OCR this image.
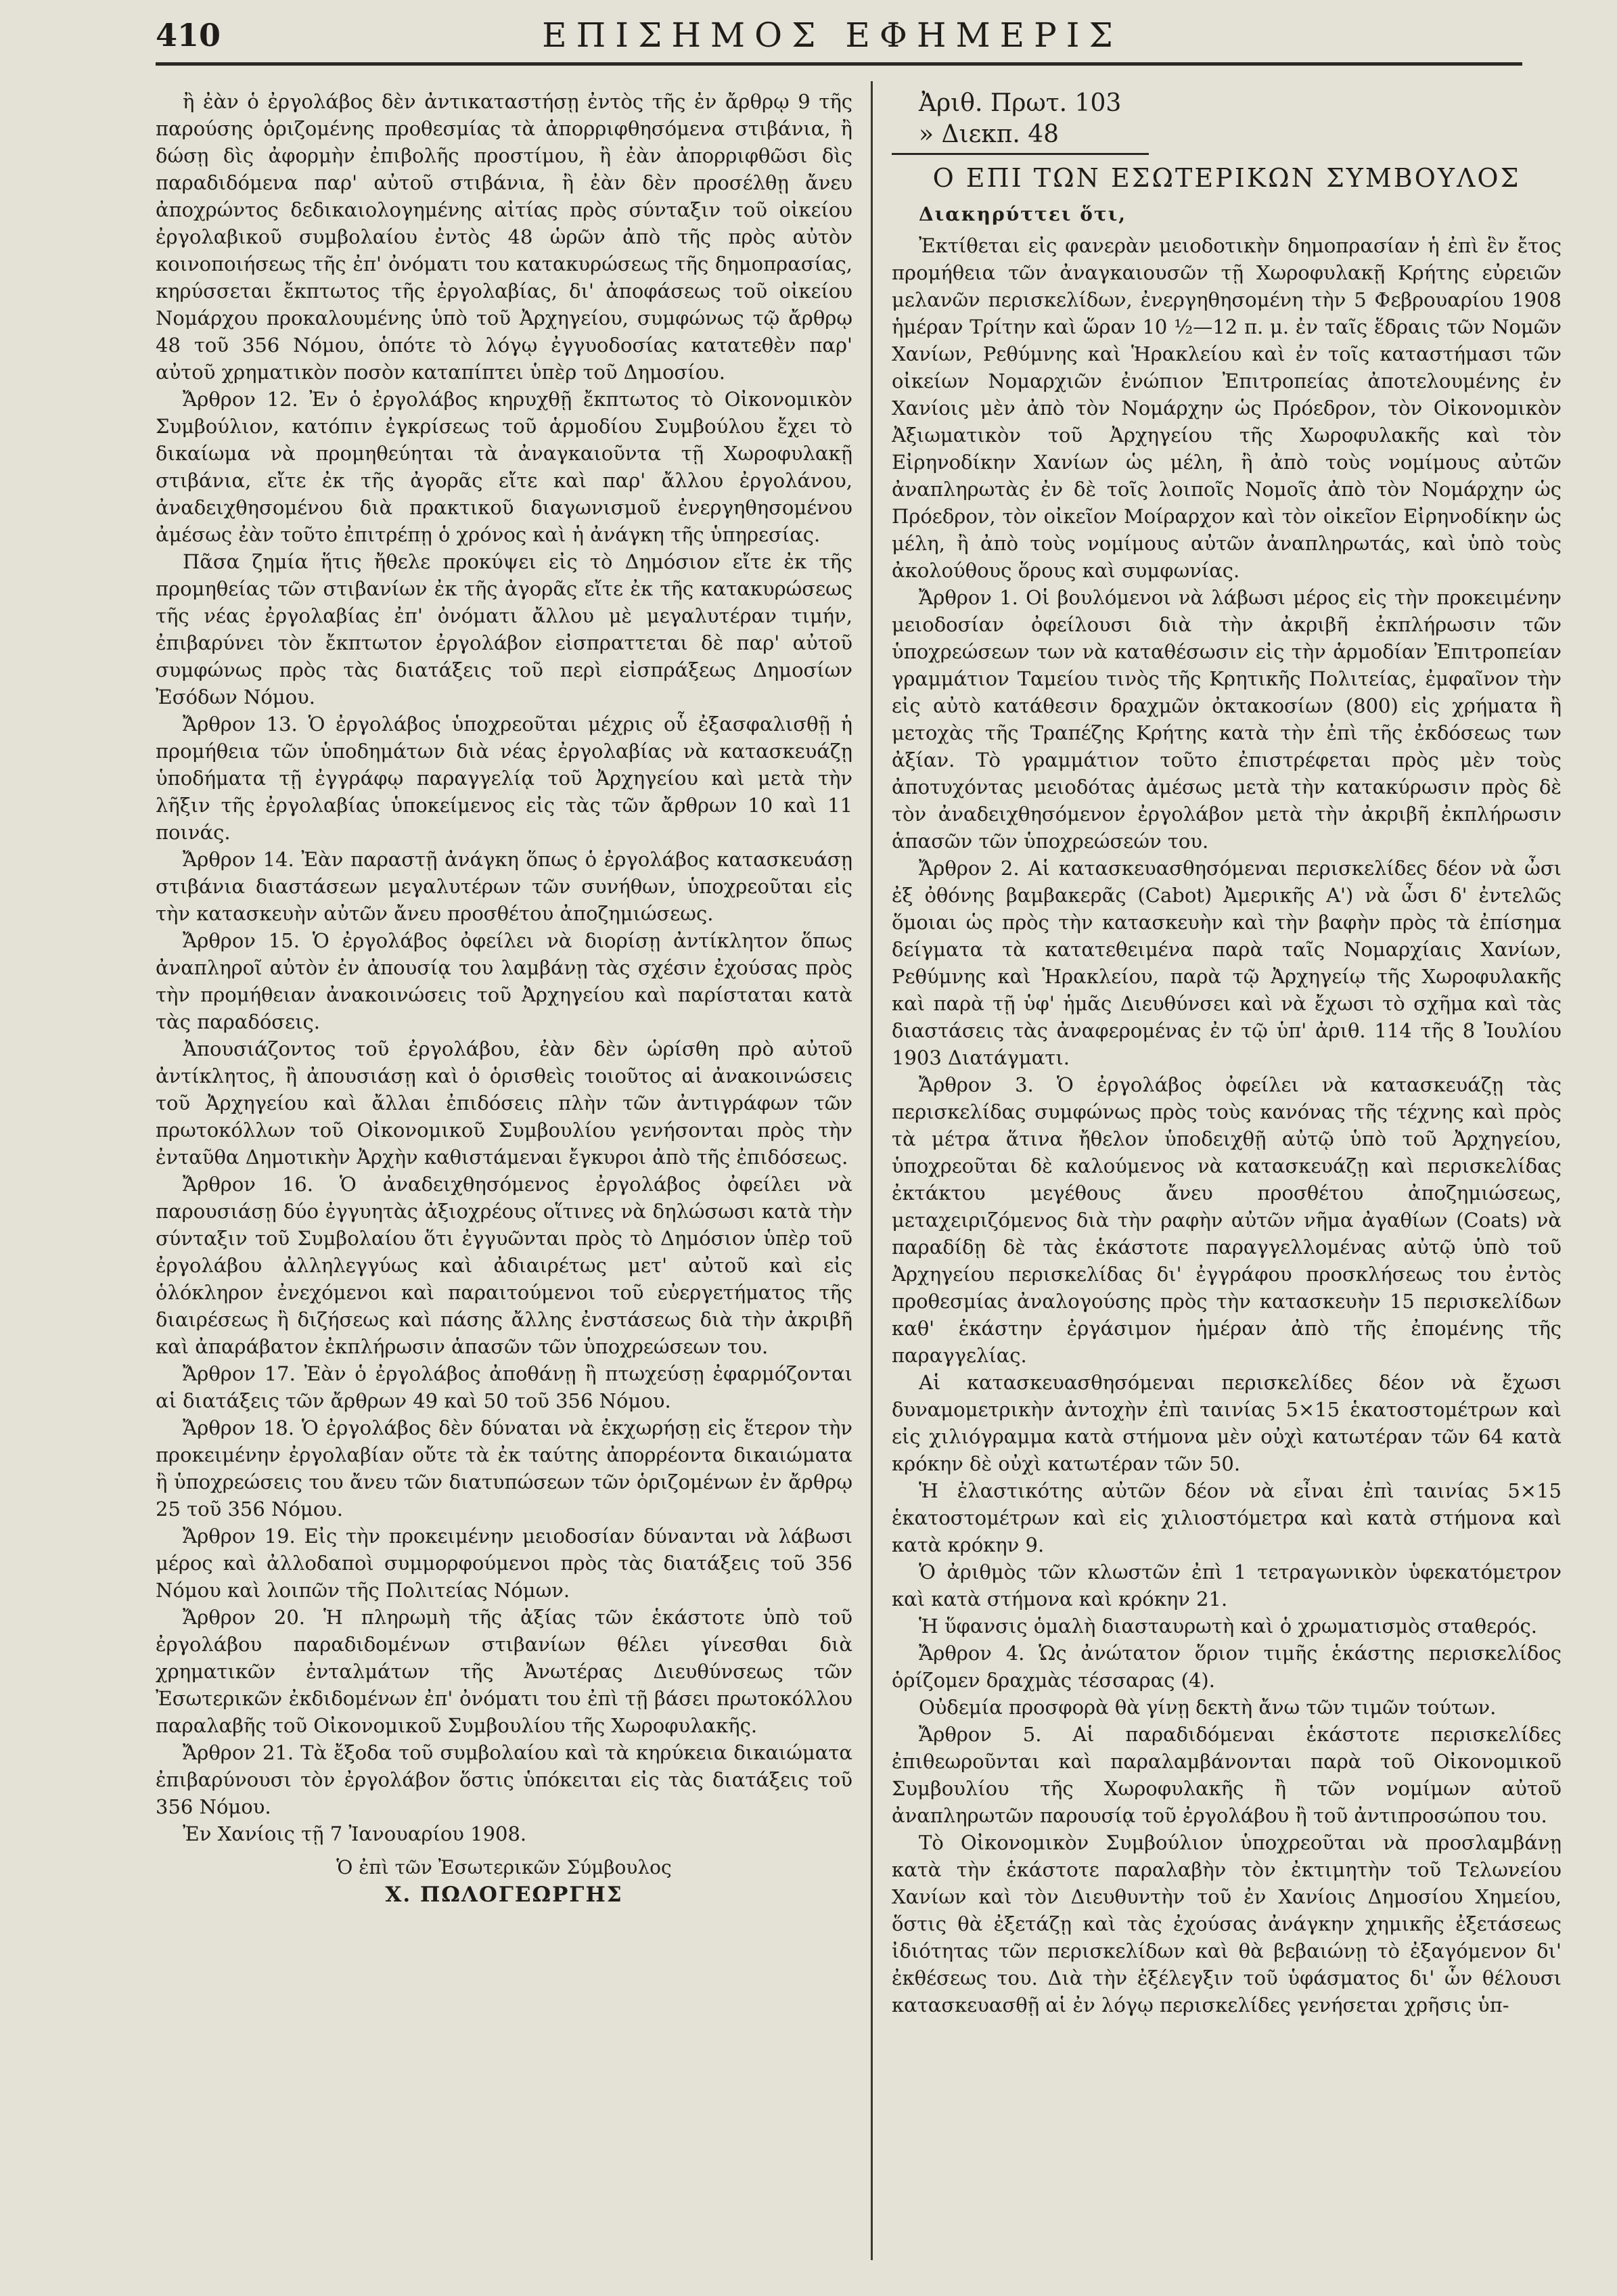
410	ΕΠΙΣΗΜΟΣ ΕΦΗΜΕΡΙΣ

ἢ ἐὰν ὁ ἐργολάβος δὲν ἀντικαταστήσῃ ἐντὸς τῆς ἐν ἄρθρῳ 9 τῆς παρούσης ὁριζομένης προθεσμίας τὰ ἀπορριφθησόμενα στιβάνια, ἢ δώσῃ δὶς ἀφορμὴν ἐπιβολῆς προστίμου, ἢ ἐὰν ἀπορριφθῶσι δὶς παραδιδόμενα παρ' αὐτοῦ στιβάνια, ἢ ἐὰν δὲν προσέλθῃ ἄνευ ἀποχρώντος δεδικαιολογημένης αἰτίας πρὸς σύνταξιν τοῦ οἰκείου ἐργολαβικοῦ συμβολαίου ἐντὸς 48 ὡρῶν ἀπὸ τῆς πρὸς αὐτὸν κοινοποιήσεως τῆς ἐπ' ὀνόματι του κατακυρώσεως τῆς δημοπρασίας, κηρύσσεται ἔκπτωτος τῆς ἐργολαβίας, δι' ἀποφάσεως τοῦ οἰκείου Νομάρχου προκαλουμένης ὑπὸ τοῦ Ἀρχηγείου, συμφώνως τῷ ἄρθρῳ 48 τοῦ 356 Νόμου, ὁπότε τὸ λόγῳ ἐγγυοδοσίας κατατεθὲν παρ' αὐτοῦ χρηματικὸν ποσὸν καταπίπτει ὑπὲρ τοῦ Δημοσίου.

Ἄρθρον 12. Ἐν ὁ ἐργολάβος κηρυχθῇ ἔκπτωτος τὸ Οἰκονομικὸν Συμβούλιον, κατόπιν ἐγκρίσεως τοῦ ἁρμοδίου Συμβούλου ἔχει τὸ δικαίωμα νὰ προμηθεύηται τὰ ἀναγκαιοῦντα τῇ Χωροφυλακῇ στιβάνια, εἴτε ἐκ τῆς ἀγορᾶς εἴτε καὶ παρ' ἄλλου ἐργολάνου, ἀναδειχθησομένου διὰ πρακτικοῦ διαγωνισμοῦ ἐνεργηθησομένου ἀμέσως ἐὰν τοῦτο ἐπιτρέπῃ ὁ χρόνος καὶ ἡ ἀνάγκη τῆς ὑπηρεσίας.

Πᾶσα ζημία ἥτις ἤθελε προκύψει εἰς τὸ Δημόσιον εἴτε ἐκ τῆς προμηθείας τῶν στιβανίων ἐκ τῆς ἀγορᾶς εἴτε ἐκ τῆς κατακυρώσεως τῆς νέας ἐργολαβίας ἐπ' ὀνόματι ἄλλου μὲ μεγαλυτέραν τιμήν, ἐπιβαρύνει τὸν ἔκπτωτον ἐργολάβον εἰσπραττεται δὲ παρ' αὐτοῦ συμφώνως πρὸς τὰς διατάξεις τοῦ περὶ εἰσπράξεως Δημοσίων Ἐσόδων Νόμου.

Ἄρθρον 13. Ὁ ἐργολάβος ὑποχρεοῦται μέχρις οὗ ἐξασφαλισθῇ ἡ προμήθεια τῶν ὑποδημάτων διὰ νέας ἐργολαβίας νὰ κατασκευάζῃ ὑποδήματα τῇ ἐγγράφῳ παραγγελίᾳ τοῦ Ἀρχηγείου καὶ μετὰ τὴν λῆξιν τῆς ἐργολαβίας ὑποκείμενος εἰς τὰς τῶν ἄρθρων 10 καὶ 11 ποινάς.

Ἄρθρον 14. Ἐὰν παραστῇ ἀνάγκη ὅπως ὁ ἐργολάβος κατασκευάσῃ στιβάνια διαστάσεων μεγαλυτέρων τῶν συνήθων, ὑποχρεοῦται εἰς τὴν κατασκευὴν αὐτῶν ἄνευ προσθέτου ἀποζημιώσεως.

Ἄρθρον 15. Ὁ ἐργολάβος ὀφείλει νὰ διορίσῃ ἀντίκλητον ὅπως ἀναπληροῖ αὐτὸν ἐν ἀπουσίᾳ του λαμβάνῃ τὰς σχέσιν ἐχούσας πρὸς τὴν προμήθειαν ἀνακοινώσεις τοῦ Ἀρχηγείου καὶ παρίσταται κατὰ τὰς παραδόσεις.

Ἀπουσιάζοντος τοῦ ἐργολάβου, ἐὰν δὲν ὡρίσθη πρὸ αὐτοῦ ἀντίκλητος, ἢ ἀπουσιάσῃ καὶ ὁ ὁρισθεὶς τοιοῦτος αἱ ἀνακοινώσεις τοῦ Ἀρχηγείου καὶ ἄλλαι ἐπιδόσεις πλὴν τῶν ἀντιγράφων τῶν πρωτοκόλλων τοῦ Οἰκονομικοῦ Συμβουλίου γενήσονται πρὸς τὴν ἐνταῦθα Δημοτικὴν Ἀρχὴν καθιστάμεναι ἔγκυροι ἀπὸ τῆς ἐπιδόσεως.

Ἄρθρον 16. Ὁ ἀναδειχθησόμενος ἐργολάβος ὀφείλει νὰ παρουσιάσῃ δύο ἐγγυητὰς ἀξιοχρέους οἵτινες νὰ δηλώσωσι κατὰ τὴν σύνταξιν τοῦ Συμβολαίου ὅτι ἐγγυῶνται πρὸς τὸ Δημόσιον ὑπὲρ τοῦ ἐργολάβου ἀλληλεγγύως καὶ ἀδιαιρέτως μετ' αὐτοῦ καὶ εἰς ὁλόκληρον ἐνεχόμενοι καὶ παραιτούμενοι τοῦ εὐεργετήματος τῆς διαιρέσεως ἢ διζήσεως καὶ πάσης ἄλλης ἐνστάσεως διὰ τὴν ἀκριβῆ καὶ ἀπαράβατον ἐκπλήρωσιν ἁπασῶν τῶν ὑποχρεώσεων του.

Ἄρθρον 17. Ἐὰν ὁ ἐργολάβος ἀποθάνῃ ἢ πτωχεύσῃ ἐφαρμόζονται αἱ διατάξεις τῶν ἄρθρων 49 καὶ 50 τοῦ 356 Νόμου.

Ἄρθρον 18. Ὁ ἐργολάβος δὲν δύναται νὰ ἐκχωρήσῃ εἰς ἕτερον τὴν προκειμένην ἐργολαβίαν οὔτε τὰ ἐκ ταύτης ἀπορρέοντα δικαιώματα ἢ ὑποχρεώσεις του ἄνευ τῶν διατυπώσεων τῶν ὁριζομένων ἐν ἄρθρῳ 25 τοῦ 356 Νόμου.

Ἄρθρον 19. Εἰς τὴν προκειμένην μειοδοσίαν δύνανται νὰ λάβωσι μέρος καὶ ἀλλοδαποὶ συμμορφούμενοι πρὸς τὰς διατάξεις τοῦ 356 Νόμου καὶ λοιπῶν τῆς Πολιτείας Νόμων.

Ἄρθρον 20. Ἡ πληρωμὴ τῆς ἀξίας τῶν ἑκάστοτε ὑπὸ τοῦ ἐργολάβου παραδιδομένων στιβανίων θέλει γίνεσθαι διὰ χρηματικῶν ἐνταλμάτων τῆς Ἀνωτέρας Διευθύνσεως τῶν Ἐσωτερικῶν ἐκδιδομένων ἐπ' ὀνόματι του ἐπὶ τῇ βάσει πρωτοκόλλου παραλαβῆς τοῦ Οἰκονομικοῦ Συμβουλίου τῆς Χωροφυλακῆς.

Ἄρθρον 21. Τὰ ἔξοδα τοῦ συμβολαίου καὶ τὰ κηρύκεια δικαιώματα ἐπιβαρύνουσι τὸν ἐργολάβον ὅστις ὑπόκειται εἰς τὰς διατάξεις τοῦ 356 Νόμου.

Ἐν Χανίοις τῇ 7 Ἰανουαρίου 1908.

Ὁ ἐπὶ τῶν Ἐσωτερικῶν Σύμβουλος
Χ. ΠΩΛΟΓΕΩΡΓΗΣ
Ἀριθ. Πρωτ. 103
» Διεκπ. 48
Ο ΕΠΙ ΤΩΝ ΕΣΩΤΕΡΙΚΩΝ ΣΥΜΒΟΥΛΟΣ
Διακηρύττει ὅτι,

Ἐκτίθεται εἰς φανερὰν μειοδοτικὴν δημοπρασίαν ἡ ἐπὶ ἓν ἔτος προμήθεια τῶν ἀναγκαιουσῶν τῇ Χωροφυλακῇ Κρήτης εὐρειῶν μελανῶν περισκελίδων, ἐνεργηθησομένη τὴν 5 Φεβρουαρίου 1908 ἡμέραν Τρίτην καὶ ὥραν 10 ½—12 π. μ. ἐν ταῖς ἕδραις τῶν Νομῶν Χανίων, Ρεθύμνης καὶ Ἡρακλείου καὶ ἐν τοῖς καταστήμασι τῶν οἰκείων Νομαρχιῶν ἐνώπιον Ἐπιτροπείας ἀποτελουμένης ἐν Χανίοις μὲν ἀπὸ τὸν Νομάρχην ὡς Πρόεδρον, τὸν Οἰκονομικὸν Ἀξιωματικὸν τοῦ Ἀρχηγείου τῆς Χωροφυλακῆς καὶ τὸν Εἰρηνοδίκην Χανίων ὡς μέλη, ἢ ἀπὸ τοὺς νομίμους αὐτῶν ἀναπληρωτὰς ἐν δὲ τοῖς λοιποῖς Νομοῖς ἀπὸ τὸν Νομάρχην ὡς Πρόεδρον, τὸν οἰκεῖον Μοίραρχον καὶ τὸν οἰκεῖον Εἰρηνοδίκην ὡς μέλη, ἢ ἀπὸ τοὺς νομίμους αὐτῶν ἀναπληρωτάς, καὶ ὑπὸ τοὺς ἀκολούθους ὅρους καὶ συμφωνίας.

Ἄρθρον 1. Οἱ βουλόμενοι νὰ λάβωσι μέρος εἰς τὴν προκειμένην μειοδοσίαν ὀφείλουσι διὰ τὴν ἀκριβῆ ἐκπλήρωσιν τῶν ὑποχρεώσεων των νὰ καταθέσωσιν εἰς τὴν ἁρμοδίαν Ἐπιτροπείαν γραμμάτιον Ταμείου τινὸς τῆς Κρητικῆς Πολιτείας, ἐμφαῖνον τὴν εἰς αὐτὸ κατάθεσιν δραχμῶν ὀκτακοσίων (800) εἰς χρήματα ἢ μετοχὰς τῆς Τραπέζης Κρήτης κατὰ τὴν ἐπὶ τῆς ἐκδόσεως των ἀξίαν. Τὸ γραμμάτιον τοῦτο ἐπιστρέφεται πρὸς μὲν τοὺς ἀποτυχόντας μειοδότας ἀμέσως μετὰ τὴν κατακύρωσιν πρὸς δὲ τὸν ἀναδειχθησόμενον ἐργολάβον μετὰ τὴν ἀκριβῆ ἐκπλήρωσιν ἁπασῶν τῶν ὑποχρεώσεών του.

Ἄρθρον 2. Αἱ κατασκευασθησόμεναι περισκελίδες δέον νὰ ὦσι ἐξ ὀθόνης βαμβακερᾶς (Cabot) Ἀμερικῆς Α') νὰ ὦσι δ' ἐντελῶς ὅμοιαι ὡς πρὸς τὴν κατασκευὴν καὶ τὴν βαφὴν πρὸς τὰ ἐπίσημα δείγματα τὰ κατατεθειμένα παρὰ ταῖς Νομαρχίαις Χανίων, Ρεθύμνης καὶ Ἡρακλείου, παρὰ τῷ Ἀρχηγείῳ τῆς Χωροφυλακῆς καὶ παρὰ τῇ ὑφ' ἡμᾶς Διευθύνσει καὶ νὰ ἔχωσι τὸ σχῆμα καὶ τὰς διαστάσεις τὰς ἀναφερομένας ἐν τῷ ὑπ' ἀριθ. 114 τῆς 8 Ἰουλίου 1903 Διατάγματι.

Ἄρθρον 3. Ὁ ἐργολάβος ὀφείλει νὰ κατασκευάζῃ τὰς περισκελίδας συμφώνως πρὸς τοὺς κανόνας τῆς τέχνης καὶ πρὸς τὰ μέτρα ἅτινα ἤθελον ὑποδειχθῇ αὐτῷ ὑπὸ τοῦ Ἀρχηγείου, ὑποχρεοῦται δὲ καλούμενος νὰ κατασκευάζῃ καὶ περισκελίδας ἐκτάκτου μεγέθους ἄνευ προσθέτου ἀποζημιώσεως, μεταχειριζόμενος διὰ τὴν ραφὴν αὐτῶν νῆμα ἀγαθίων (Coats) νὰ παραδίδῃ δὲ τὰς ἑκάστοτε παραγγελλομένας αὐτῷ ὑπὸ τοῦ Ἀρχηγείου περισκελίδας δι' ἐγγράφου προσκλήσεως του ἐντὸς προθεσμίας ἀναλογούσης πρὸς τὴν κατασκευὴν 15 περισκελίδων καθ' ἑκάστην ἐργάσιμον ἡμέραν ἀπὸ τῆς ἐπομένης τῆς παραγγελίας.

Αἱ κατασκευασθησόμεναι περισκελίδες δέον νὰ ἔχωσι δυναμομετρικὴν ἀντοχὴν ἐπὶ ταινίας 5×15 ἑκατοστομέτρων καὶ εἰς χιλιόγραμμα κατὰ στήμονα μὲν οὐχὶ κατωτέραν τῶν 64 κατὰ κρόκην δὲ οὐχὶ κατωτέραν τῶν 50.

Ἡ ἐλαστικότης αὐτῶν δέον νὰ εἶναι ἐπὶ ταινίας 5×15 ἑκατοστομέτρων καὶ εἰς χιλιοστόμετρα καὶ κατὰ στήμονα καὶ κατὰ κρόκην 9.

Ὁ ἀριθμὸς τῶν κλωστῶν ἐπὶ 1 τετραγωνικὸν ὑφεκατόμετρον καὶ κατὰ στήμονα καὶ κρόκην 21.

Ἡ ὕφανσις ὁμαλὴ διασταυρωτὴ καὶ ὁ χρωματισμὸς σταθερός.

Ἄρθρον 4. Ὡς ἀνώτατον ὅριον τιμῆς ἑκάστης περισκελίδος ὁρίζομεν δραχμὰς τέσσαρας (4).

Οὐδεμία προσφορὰ θὰ γίνῃ δεκτὴ ἄνω τῶν τιμῶν τούτων.

Ἄρθρον 5. Αἱ παραδιδόμεναι ἑκάστοτε περισκελίδες ἐπιθεωροῦνται καὶ παραλαμβάνονται παρὰ τοῦ Οἰκονομικοῦ Συμβουλίου τῆς Χωροφυλακῆς ἢ τῶν νομίμων αὐτοῦ ἀναπληρωτῶν παρουσίᾳ τοῦ ἐργολάβου ἢ τοῦ ἀντιπροσώπου του.

Τὸ Οἰκονομικὸν Συμβούλιον ὑποχρεοῦται νὰ προσλαμβάνῃ κατὰ τὴν ἑκάστοτε παραλαβὴν τὸν ἐκτιμητὴν τοῦ Τελωνείου Χανίων καὶ τὸν Διευθυντὴν τοῦ ἐν Χανίοις Δημοσίου Χημείου, ὅστις θὰ ἐξετάζῃ καὶ τὰς ἐχούσας ἀνάγκην χημικῆς ἐξετάσεως ἰδιότητας τῶν περισκελίδων καὶ θὰ βεβαιώνῃ τὸ ἐξαγόμενον δι' ἐκθέσεως του. Διὰ τὴν ἐξέλεγξιν τοῦ ὑφάσματος δι' ὧν θέλουσι κατασκευασθῇ αἱ ἐν λόγῳ περισκελίδες γενήσεται χρῆσις ὑπ-
